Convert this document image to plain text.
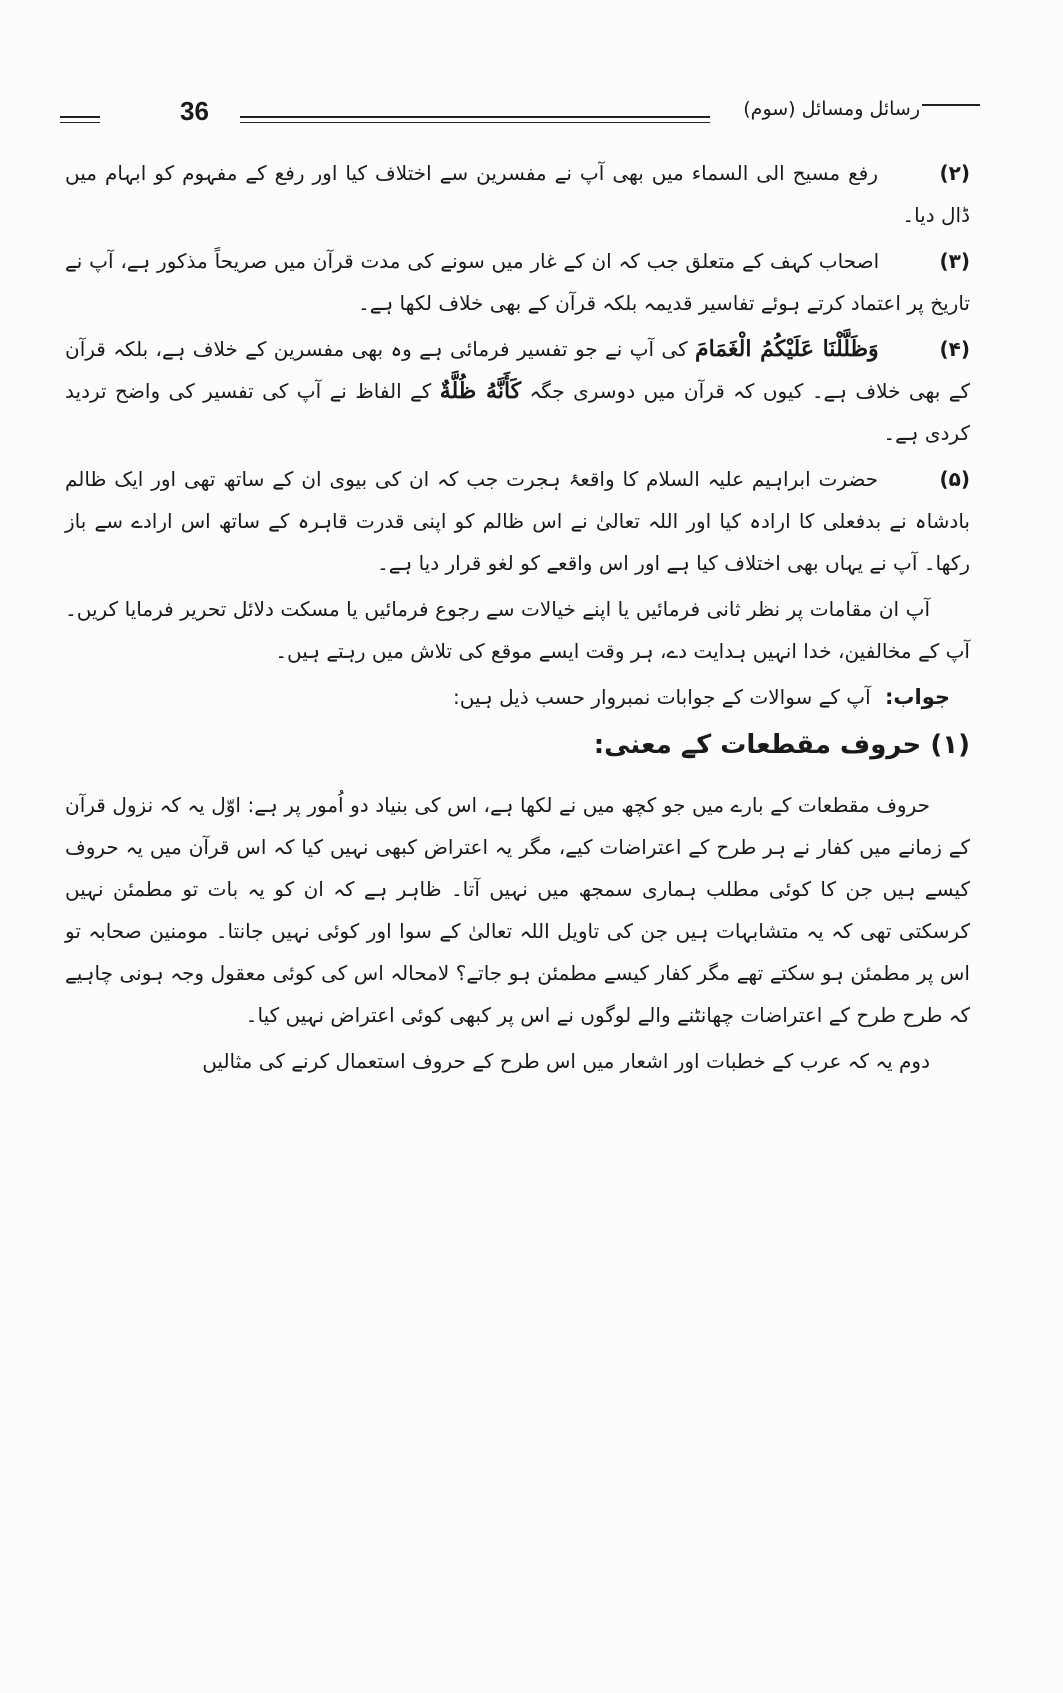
36	رسائل ومسائل (سوم)

(۲) رفع مسیح الی السماء میں بھی آپ نے مفسرین سے اختلاف کیا اور رفع کے مفہوم کو ابہام میں ڈال دیا۔

(۳) اصحاب کہف کے متعلق جب کہ ان کے غار میں سونے کی مدت قرآن میں صریحاً مذکور ہے، آپ نے تاریخ پر اعتماد کرتے ہوئے تفاسیر قدیمہ بلکہ قرآن کے بھی خلاف لکھا ہے۔

(۴) وَظَلَّلْنَا عَلَيْكُمُ الْغَمَامَ کی آپ نے جو تفسیر فرمائی ہے وہ بھی مفسرین کے خلاف ہے، بلکہ قرآن کے بھی خلاف ہے۔ کیوں کہ قرآن میں دوسری جگہ كَأَنَّهُ ظُلَّةٌ کے الفاظ نے آپ کی تفسیر کی واضح تردید کردی ہے۔

(۵) حضرت ابراہیم علیہ السلام کا واقعۂ ہجرت جب کہ ان کی بیوی ان کے ساتھ تھی اور ایک ظالم بادشاہ نے بدفعلی کا ارادہ کیا اور اللہ تعالیٰ نے اس ظالم کو اپنی قدرت قاہرہ کے ساتھ اس ارادے سے باز رکھا۔ آپ نے یہاں بھی اختلاف کیا ہے اور اس واقعے کو لغو قرار دیا ہے۔

آپ ان مقامات پر نظر ثانی فرمائیں یا اپنے خیالات سے رجوع فرمائیں یا مسکت دلائل تحریر فرمایا کریں۔ آپ کے مخالفین، خدا انہیں ہدایت دے، ہر وقت ایسے موقع کی تلاش میں رہتے ہیں۔

جواب: آپ کے سوالات کے جوابات نمبروار حسب ذیل ہیں:

(۱) حروف مقطعات کے معنی:

حروف مقطعات کے بارے میں جو کچھ میں نے لکھا ہے، اس کی بنیاد دو اُمور پر ہے: اوّل یہ کہ نزول قرآن کے زمانے میں کفار نے ہر طرح کے اعتراضات کیے، مگر یہ اعتراض کبھی نہیں کیا کہ اس قرآن میں یہ حروف کیسے ہیں جن کا کوئی مطلب ہماری سمجھ میں نہیں آتا۔ ظاہر ہے کہ ان کو یہ بات تو مطمئن نہیں کرسکتی تھی کہ یہ متشابہات ہیں جن کی تاویل اللہ تعالیٰ کے سوا اور کوئی نہیں جانتا۔ مومنین صحابہ تو اس پر مطمئن ہو سکتے تھے مگر کفار کیسے مطمئن ہو جاتے؟ لامحالہ اس کی کوئی معقول وجہ ہونی چاہیے کہ طرح طرح کے اعتراضات چھانٹنے والے لوگوں نے اس پر کبھی کوئی اعتراض نہیں کیا۔

دوم یہ کہ عرب کے خطبات اور اشعار میں اس طرح کے حروف استعمال کرنے کی مثالیں
